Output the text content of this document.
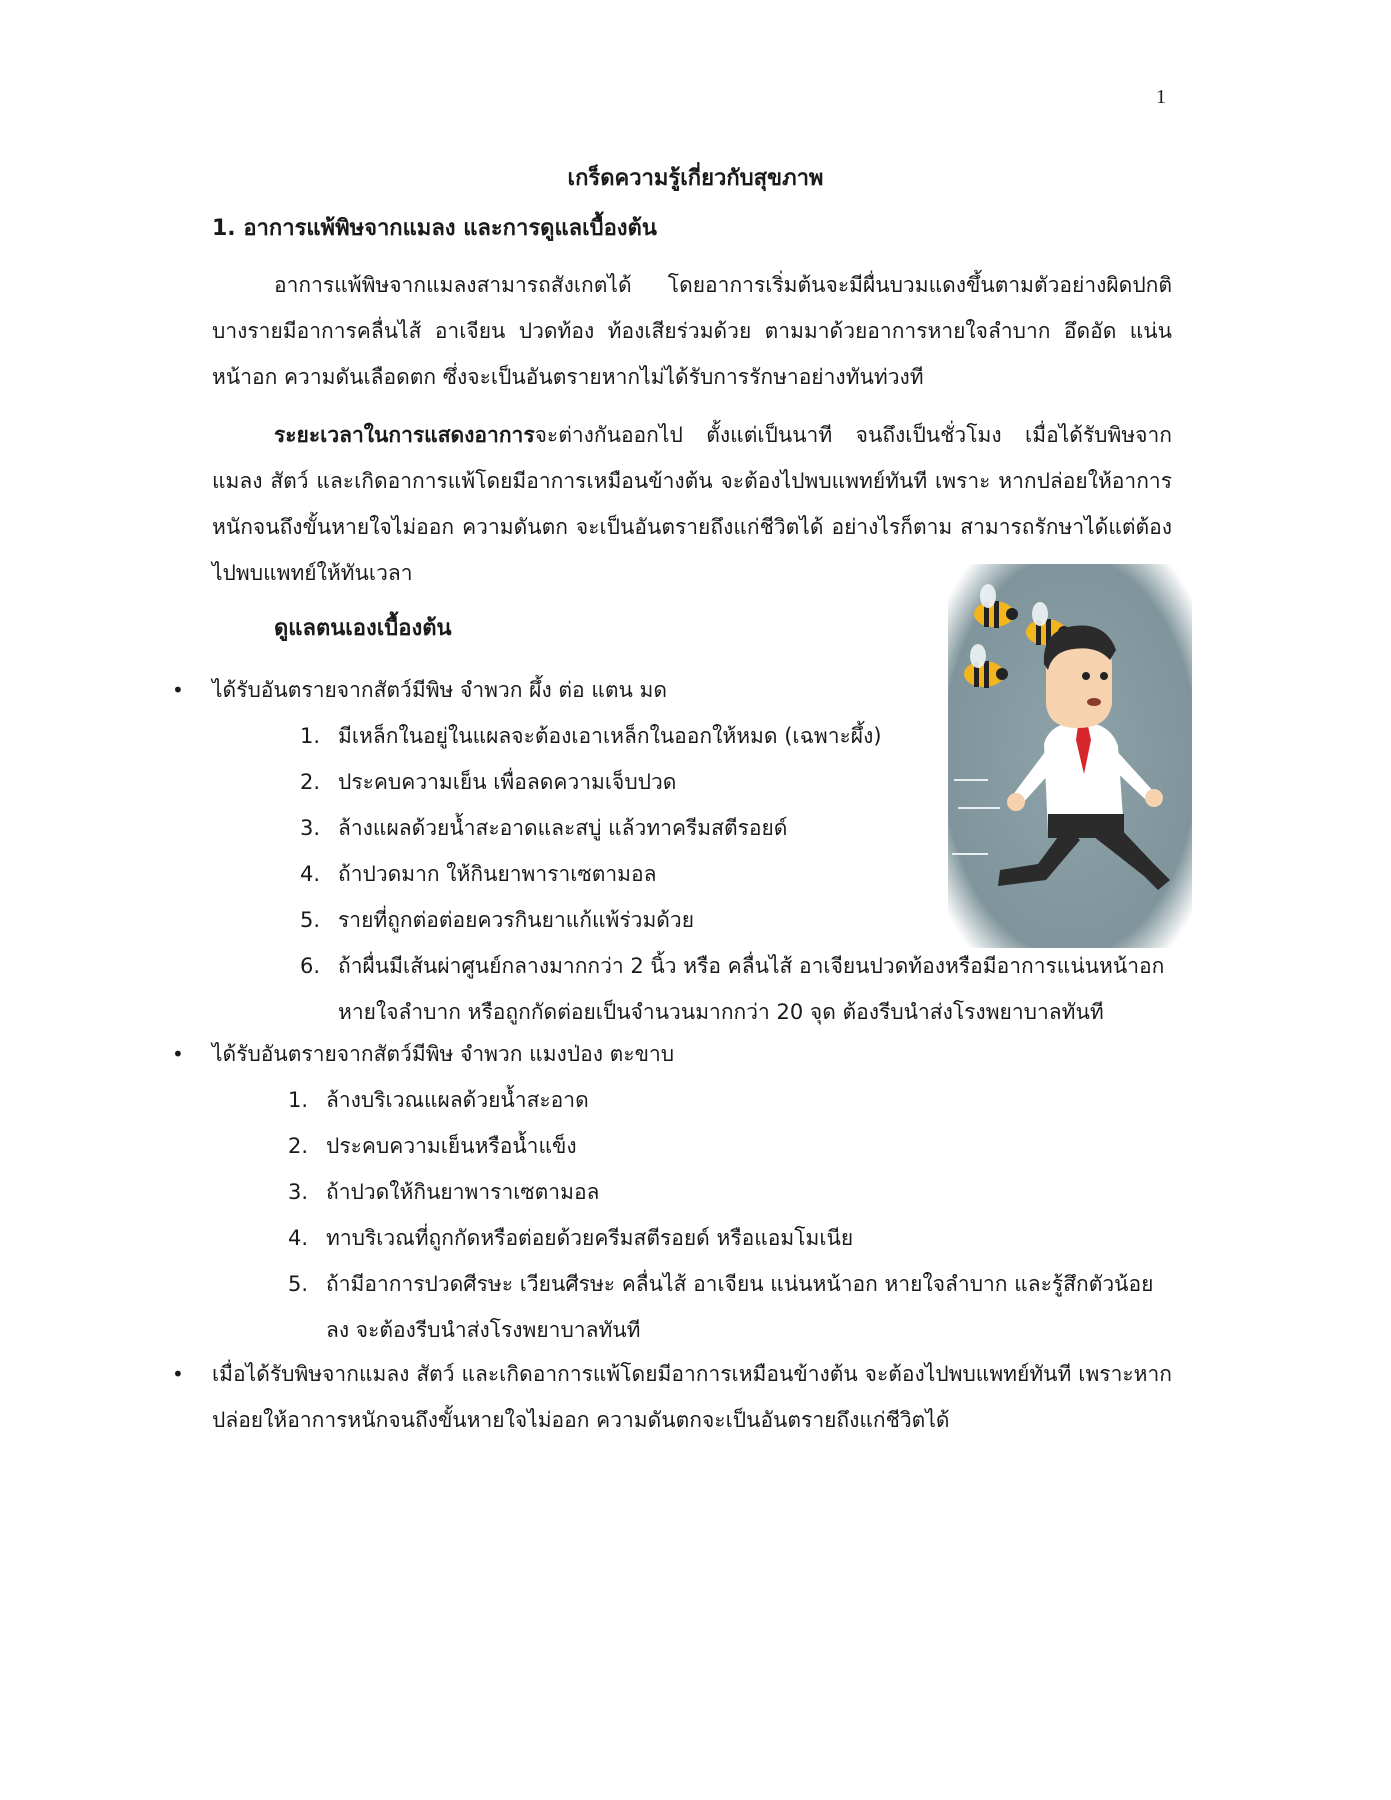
1
เกร็ดความรู้เกี่ยวกับสุขภาพ
1. อาการแพ้พิษจากแมลง และการดูแลเบื้องต้น

อาการแพ้พิษจากแมลงสามารถสังเกตได้ โดยอาการเริ่มต้นจะมีผื่นบวมแดงขึ้นตามตัวอย่างผิดปกติ บางรายมีอาการคลื่นไส้ อาเจียน ปวดท้อง ท้องเสียร่วมด้วย ตามมาด้วยอาการหายใจลำบาก อึดอัด แน่นหน้าอก ความดันเลือดตก ซึ่งจะเป็นอันตรายหากไม่ได้รับการรักษาอย่างทันท่วงที

ระยะเวลาในการแสดงอาการจะต่างกันออกไป ตั้งแต่เป็นนาที จนถึงเป็นชั่วโมง เมื่อได้รับพิษจากแมลง สัตว์ และเกิดอาการแพ้โดยมีอาการเหมือนข้างต้น จะต้องไปพบแพทย์ทันที เพราะ หากปล่อยให้อาการหนักจนถึงขั้นหายใจไม่ออก ความดันตก จะเป็นอันตรายถึงแก่ชีวิตได้ อย่างไรก็ตาม สามารถรักษาได้แต่ต้องไปพบแพทย์ให้ทันเวลา

ดูแลตนเองเบื้องต้น
• ได้รับอันตรายจากสัตว์มีพิษ จำพวก ผึ้ง ต่อ แตน มด
1. มีเหล็กในอยู่ในแผลจะต้องเอาเหล็กในออกให้หมด (เฉพาะผึ้ง)
2. ประคบความเย็น เพื่อลดความเจ็บปวด
3. ล้างแผลด้วยน้ำสะอาดและสบู่ แล้วทาครีมสตีรอยด์
4. ถ้าปวดมาก ให้กินยาพาราเซตามอล
5. รายที่ถูกต่อต่อยควรกินยาแก้แพ้ร่วมด้วย
6. ถ้าผื่นมีเส้นผ่าศูนย์กลางมากกว่า 2 นิ้ว หรือ คลื่นไส้ อาเจียนปวดท้องหรือมีอาการแน่นหน้าอก หายใจลำบาก หรือถูกกัดต่อยเป็นจำนวนมากกว่า 20 จุด ต้องรีบนำส่งโรงพยาบาลทันที
• ได้รับอันตรายจากสัตว์มีพิษ จำพวก แมงป่อง ตะขาบ
1. ล้างบริเวณแผลด้วยน้ำสะอาด
2. ประคบความเย็นหรือน้ำแข็ง
3. ถ้าปวดให้กินยาพาราเซตามอล
4. ทาบริเวณที่ถูกกัดหรือต่อยด้วยครีมสตีรอยด์ หรือแอมโมเนีย
5. ถ้ามีอาการปวดศีรษะ เวียนศีรษะ คลื่นไส้ อาเจียน แน่นหน้าอก หายใจลำบาก และรู้สึกตัวน้อยลง จะต้องรีบนำส่งโรงพยาบาลทันที
• เมื่อได้รับพิษจากแมลง สัตว์ และเกิดอาการแพ้โดยมีอาการเหมือนข้างต้น จะต้องไปพบแพทย์ทันที เพราะหากปล่อยให้อาการหนักจนถึงขั้นหายใจไม่ออก ความดันตกจะเป็นอันตรายถึงแก่ชีวิตได้
